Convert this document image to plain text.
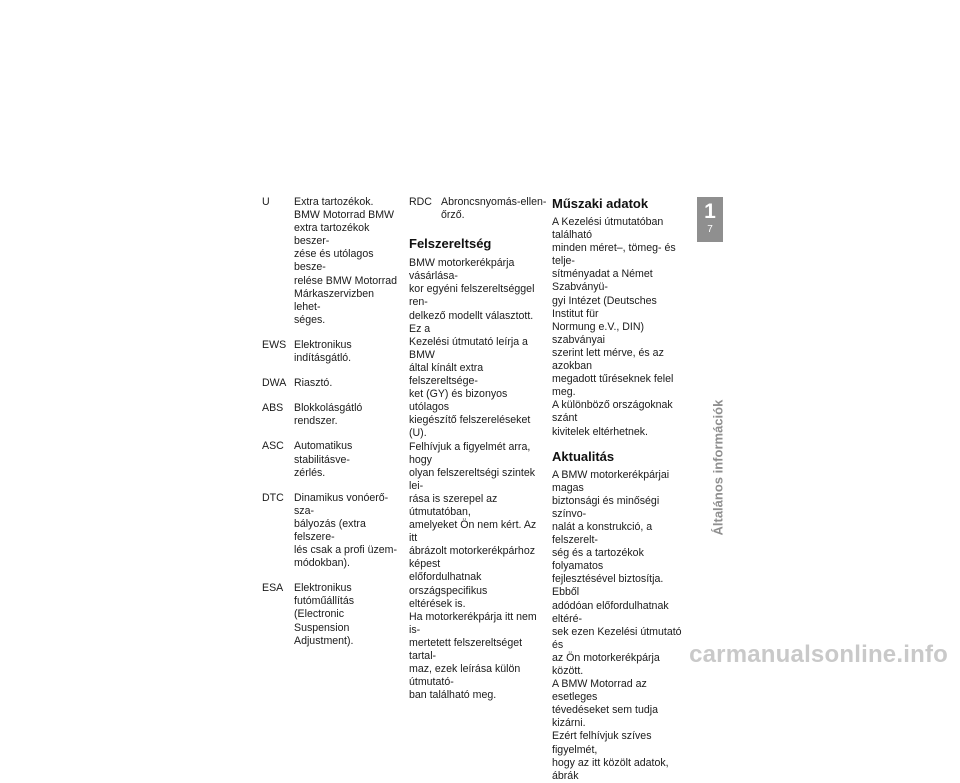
U	Extra tartozékok.
BMW Motorrad BMW
extra tartozékok beszer-
zése és utólagos besze-
relése BMW Motorrad
Márkaszervizben lehet-
séges.
EWS Elektronikus indításgátló.
DWA Riasztó.
ABS	Blokkolásgátló rendszer.
ASC Automatikus stabilitásve-
zérlés.
DTC Dinamikus vonóerő-sza-
bályozás (extra felszere-
lés csak a profi üzem-
módokban).
ESA	Elektronikus
futóműállítás (Electronic
Suspension Adjustment).
RDC Abroncsnyomás-ellen-
őrző.
Felszereltség
BMW motorkerékpárja vásárlása-
kor egyéni felszereltséggel ren-
delkező modellt választott. Ez a
Kezelési útmutató leírja a BMW
által kínált extra felszereltsége-
ket (GY) és bizonyos utólagos
kiegészítő felszereléseket (U).
Felhívjuk a figyelmét arra, hogy
olyan felszereltségi szintek lei-
rása is szerepel az útmutatóban,
amelyeket Ön nem kért. Az itt
ábrázolt motorkerékpárhoz képest
előfordulhatnak országspecifikus
eltérések is.
Ha motorkerékpárja itt nem is-
mertetett felszereltséget tartal-
maz, ezek leírása külön útmutató-
ban található meg.
Műszaki adatok
A Kezelési útmutatóban található
minden méret–, tömeg- és telje-
sítményadat a Német Szabványü-
gyi Intézet (Deutsches Institut für
Normung e.V., DIN) szabványai
szerint lett mérve, és az azokban
megadott tűréseknek felel meg.
A különböző országoknak szánt
kivitelek eltérhetnek.
Aktualitás
A BMW motorkerékpárjai magas
biztonsági és minőségi színvo-
nalát a konstrukció, a felszerelt-
ség és a tartozékok folyamatos
fejlesztésével biztosítja. Ebből
adódóan előfordulhatnak eltéré-
sek ezen Kezelési útmutató és
az Ön motorkerékpárja között.
A BMW Motorrad az esetleges
tévedéseket sem tudja kizárni.
Ezért felhívjuk szíves figyelmét,
hogy az itt közölt adatok, ábrák
1
7
Általános információk
carmanualsonline.info
